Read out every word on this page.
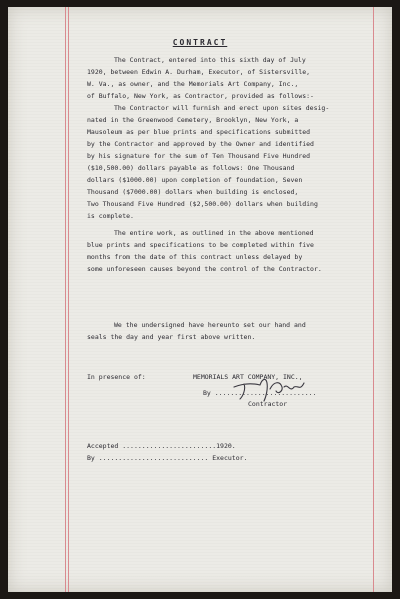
CONTRACT
The Contract, entered into this sixth day of July
1920, between Edwin A. Durham, Executor, of Sistersville,
W. Va., as owner, and the Memorials Art Company, Inc.,
of Buffalo, New York, as Contractor, provided as follows:-
The Contractor will furnish and erect upon sites desig-
nated in the Greenwood Cemetery, Brooklyn, New York, a
Mausoleum as per blue prints and specifications submitted
by the Contractor and approved by the Owner and identified
by his signature for the sum of Ten Thousand Five Hundred
($10,500.00) dollars payable as follows: One Thousand
dollars ($1000.00) upon completion of foundation, Seven
Thousand ($7000.00) dollars when building is enclosed,
Two Thousand Five Hundred ($2,500.00) dollars when building
is complete.
The entire work, as outlined in the above mentioned
blue prints and specifications to be completed within five
months from the date of this contract unless delayed by
some unforeseen causes beyond the control of the Contractor.
We the undersigned have hereunto set our hand and
seals the day and year first above written.
In presence of:	MEMORIALS ART COMPANY, INC.,
By ..........................
Contractor
Accepted ........................1920.
By ............................ Executor.
